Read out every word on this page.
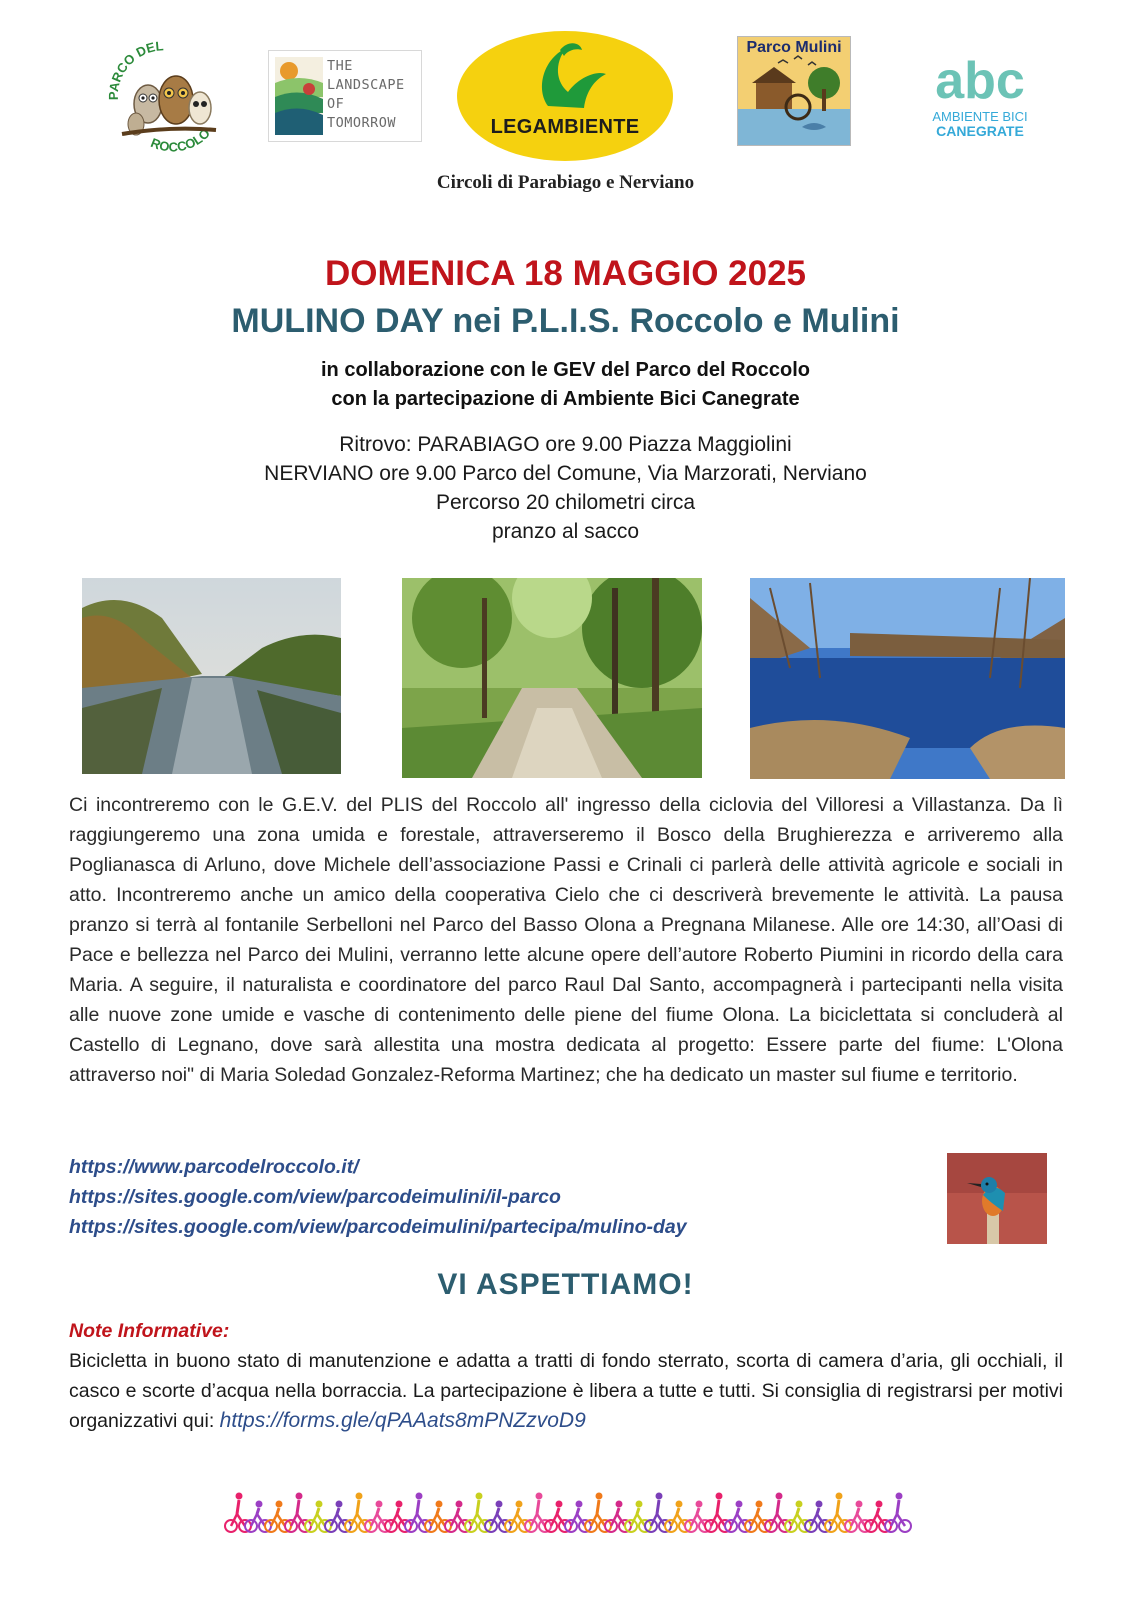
PARCO DEL
ROCCOLO
THE
LANDSCAPE
OF
TOMORROW	LEGAMBIENTE
Parco Mulini
abc
AMBIENTE BICI
CANEGRATE
Circoli di Parabiago e Nerviano
DOMENICA 18 MAGGIO 2025
MULINO DAY nei P.L.I.S. Roccolo e Mulini
in collaborazione con le GEV del Parco del Roccolo
con la partecipazione di Ambiente Bici Canegrate
Ritrovo: PARABIAGO ore 9.00 Piazza Maggiolini
NERVIANO ore 9.00 Parco del Comune, Via Marzorati, Nerviano
Percorso 20 chilometri circa
pranzo al sacco
Ci incontreremo con le G.E.V. del PLIS del Roccolo all' ingresso della ciclovia del Villoresi a Villastanza. Da lì raggiungeremo una zona umida e forestale, attraverseremo il Bosco della Brughierezza e arriveremo alla Poglianasca di Arluno, dove Michele dell’associazione Passi e Crinali ci parlerà delle attività agricole e sociali in atto. Incontreremo anche un amico della cooperativa Cielo che ci descriverà brevemente le attività. La pausa pranzo si terrà al fontanile Serbelloni nel Parco del Basso Olona a Pregnana Milanese. Alle ore 14:30, all’Oasi di Pace e bellezza nel Parco dei Mulini, verranno lette alcune opere dell’autore Roberto Piumini in ricordo della cara Maria. A seguire, il naturalista e coordinatore del parco Raul Dal Santo, accompagnerà i partecipanti nella visita alle nuove zone umide e vasche di contenimento delle piene del fiume Olona. La biciclettata si concluderà al Castello di Legnano, dove sarà allestita una mostra dedicata al progetto: Essere parte del fiume: L'Olona attraverso noi" di Maria Soledad Gonzalez-Reforma Martinez; che ha dedicato un master sul fiume e territorio.
https://www.parcodelroccolo.it/
https://sites.google.com/view/parcodeimulini/il-parco
https://sites.google.com/view/parcodeimulini/partecipa/mulino-day
VI ASPETTIAMO!
Note Informative:
Bicicletta in buono stato di manutenzione e adatta a tratti di fondo sterrato, scorta di camera d’aria, gli occhiali, il casco e scorte d’acqua nella borraccia. La partecipazione è libera a tutte e tutti. Si consiglia di registrarsi per motivi organizzativi qui: https://forms.gle/qPAAats8mPNZzvoD9
